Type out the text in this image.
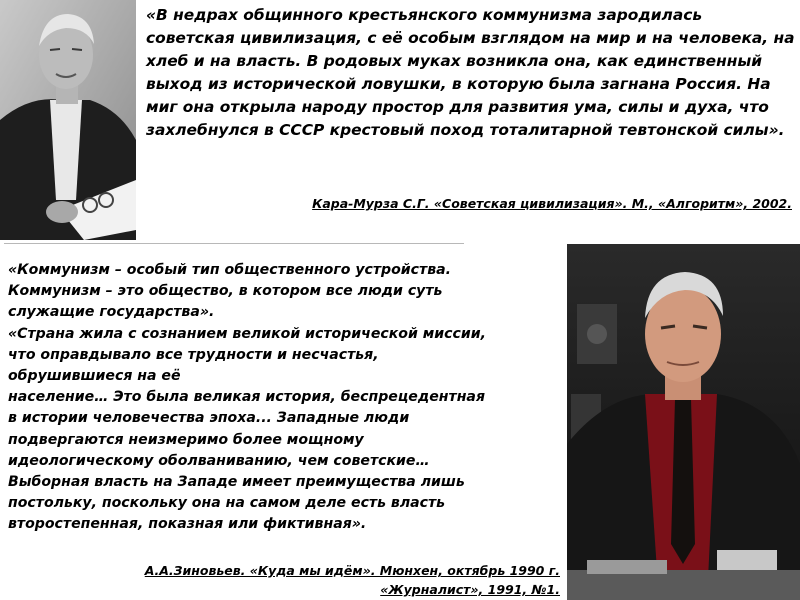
«В недрах общинного крестьянского коммунизма зародилась советская цивилизация, с её особым взглядом на мир и на человека, на хлеб и на власть. В родовых муках возникла она, как единственный выход из исторической ловушки, в которую была загнана Россия. На миг она открыла народу простор для развития ума, силы и духа, что захлебнулся в СССР крестовый поход тоталитарной тевтонской силы».

Кара-Мурза С.Г. «Советская цивилизация». М., «Алгоритм», 2002.
«Коммунизм – особый тип общественного устройства.
Коммунизм – это общество, в котором все люди суть
служащие государства».
«Страна жила с сознанием великой исторической миссии,
что оправдывало все трудности и несчастья,
обрушившиеся на её
население… Это была великая история, беспрецедентная
в истории человечества эпоха... Западные люди
подвергаются неизмеримо более мощному
идеологическому оболваниванию, чем советские…
Выборная власть на Западе имеет преимущества лишь
постольку, поскольку она на самом деле есть власть
второстепенная, показная или фиктивная».
А.А.Зиновьев. «Куда мы идём». Мюнхен, октябрь 1990 г.
«Журналист», 1991, №1.
